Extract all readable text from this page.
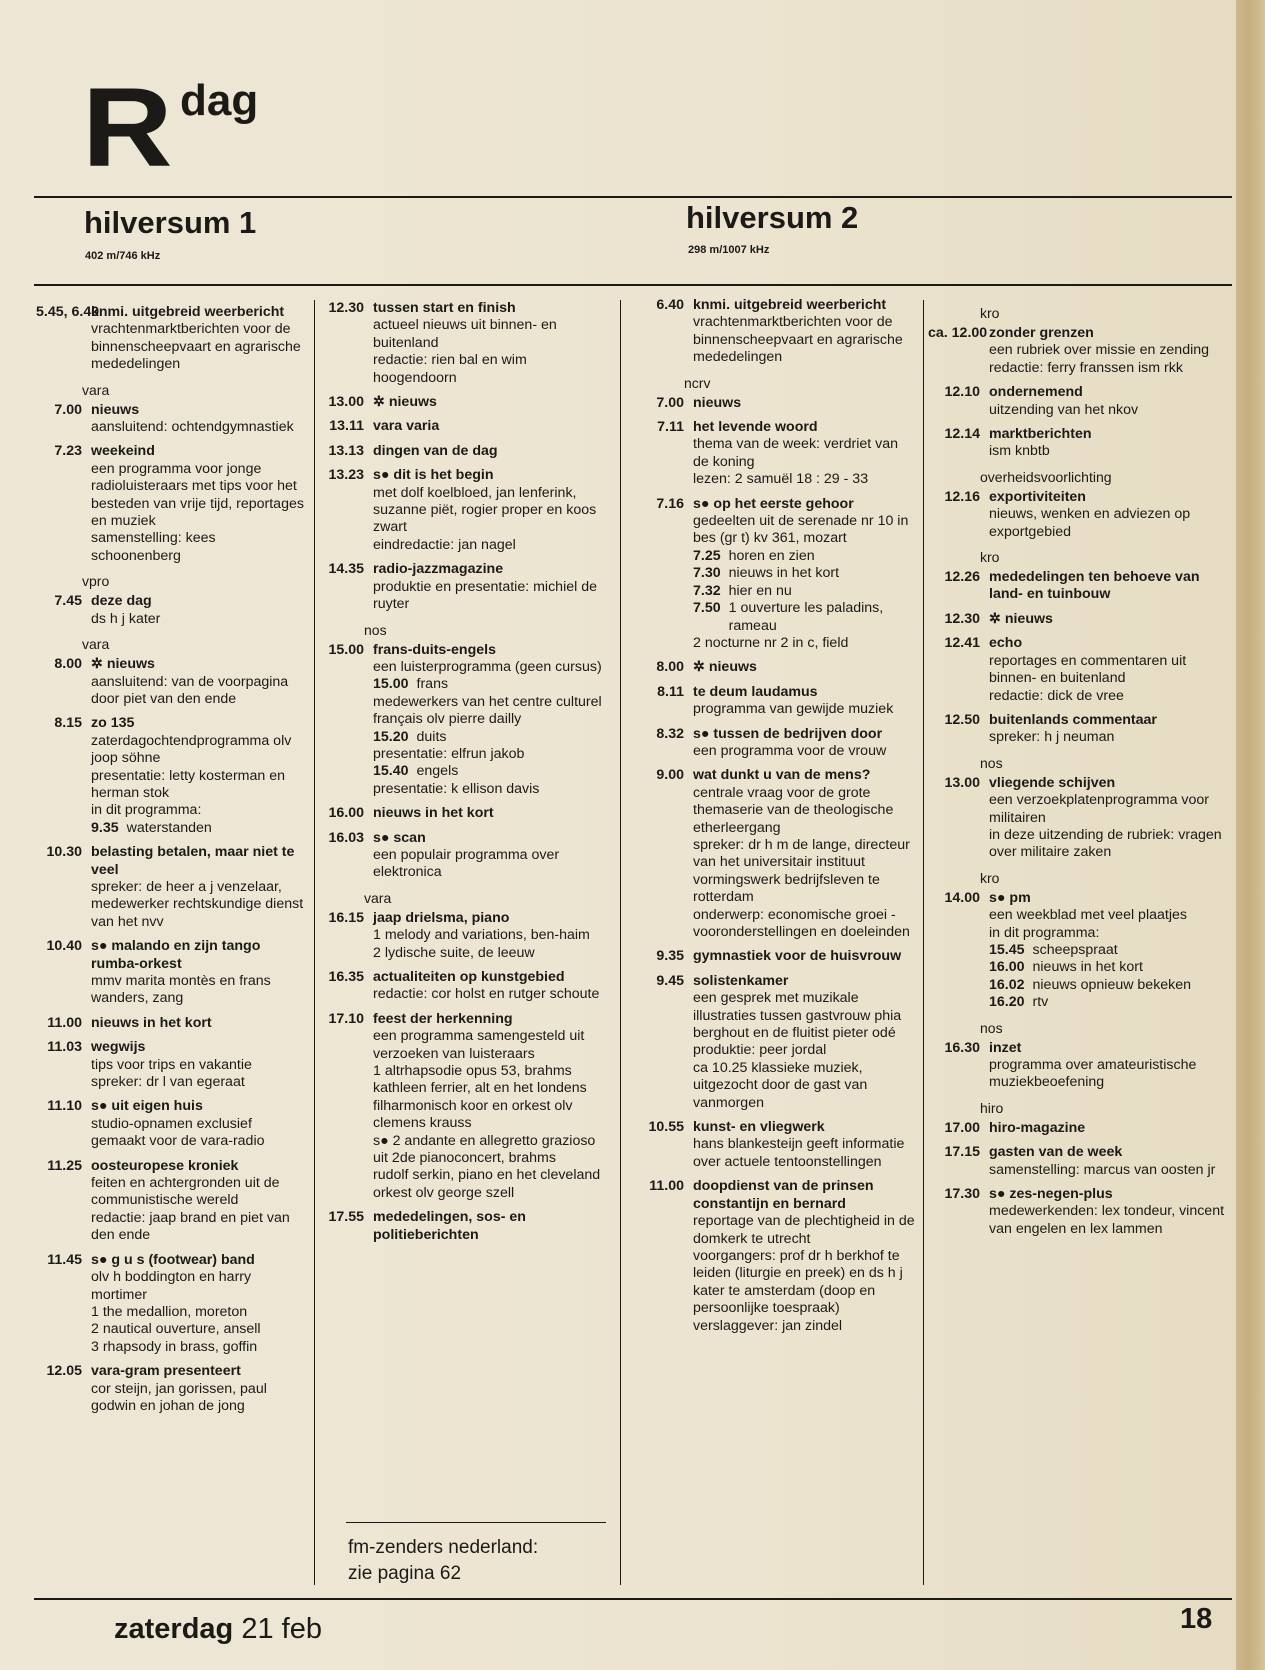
R dag
hilversum 1
402 m/746 kHz
hilversum 2
298 m/1007 kHz
5.45, 6.40
knmi. uitgebreid weerbericht
vrachtenmarktberichten voor de binnenscheepvaart en agrarische mededelingen
vara
7.00 nieuws
aansluitend: ochtendgymnastiek
7.23 weekeind
een programma voor jonge radioluisteraars met tips voor het besteden van vrije tijd, reportages en muziek
samenstelling: kees schoonenberg
vpro
7.45 deze dag
ds h j kater
vara
8.00 ✲ nieuws
aansluitend: van de voorpagina door piet van den ende
8.15 zo 135
zaterdagochtendprogramma olv joop söhne
presentatie: letty kosterman en herman stok
in dit programma:
9.35 waterstanden
10.30 belasting betalen, maar niet te veel
spreker: de heer a j venzelaar, medewerker rechtskundige dienst van het nvv
10.40 s● malando en zijn tango rumba-orkest
mmv marita montès en frans wanders, zang
11.00 nieuws in het kort
11.03 wegwijs
tips voor trips en vakantie
spreker: dr l van egeraat
11.10 s● uit eigen huis
studio-opnamen exclusief gemaakt voor de vara-radio
11.25 oosteuropese kroniek
feiten en achtergronden uit de communistische wereld
redactie: jaap brand en piet van den ende
11.45 s● g u s (footwear) band
olv h boddington en harry mortimer
1 the medallion, moreton
2 nautical ouverture, ansell
3 rhapsody in brass, goffin
12.05 vara-gram presenteert
cor steijn, jan gorissen, paul godwin en johan de jong
12.30 tussen start en finish
actueel nieuws uit binnen- en buitenland
redactie: rien bal en wim hoogendoorn
13.00 ✲ nieuws
13.11 vara varia
13.13 dingen van de dag
13.23 s● dit is het begin
met dolf koelbloed, jan lenferink, suzanne piët, rogier proper en koos zwart
eindredactie: jan nagel
14.35 radio-jazzmagazine
produktie en presentatie: michiel de ruyter
nos
15.00 frans-duits-engels
een luisterprogramma (geen cursus)
15.00 frans
medewerkers van het centre culturel français olv pierre dailly
15.20 duits
presentatie: elfrun jakob
15.40 engels
presentatie: k ellison davis
16.00 nieuws in het kort
16.03 s● scan
een populair programma over elektronica
vara
16.15 jaap drielsma, piano
1 melody and variations, ben-haim
2 lydische suite, de leeuw
16.35 actualiteiten op kunstgebied
redactie: cor holst en rutger schoute
17.10 feest der herkenning
een programma samengesteld uit verzoeken van luisteraars
1 altrhapsodie opus 53, brahms
kathleen ferrier, alt en het londens filharmonisch koor en orkest olv clemens krauss
s● 2 andante en allegretto grazioso uit 2de pianoconcert, brahms
rudolf serkin, piano en het cleveland orkest olv george szell
17.55 mededelingen, sos- en politieberichten
6.40 knmi. uitgebreid weerbericht
vrachtenmarktberichten voor de binnenscheepvaart en agrarische mededelingen
ncrv
7.00 nieuws
7.11 het levende woord
thema van de week: verdriet van de koning
lezen: 2 samuël 18 : 29 - 33
7.16 s● op het eerste gehoor
gedeelten uit de serenade nr 10 in bes (gr t) kv 361, mozart
7.25 horen en zien
7.30 nieuws in het kort
7.32 hier en nu
7.50 1 ouverture les paladins, rameau
2 nocturne nr 2 in c, field
8.00 ✲ nieuws
8.11 te deum laudamus
programma van gewijde muziek
8.32 s● tussen de bedrijven door
een programma voor de vrouw
9.00 wat dunkt u van de mens?
centrale vraag voor de grote themaserie van de theologische etherleergang
spreker: dr h m de lange, directeur van het universitair instituut vormingswerk bedrijfsleven te rotterdam
onderwerp: economische groei - vooronderstellingen en doeleinden
9.35 gymnastiek voor de huisvrouw
9.45 solistenkamer
een gesprek met muzikale illustraties tussen gastvrouw phia berghout en de fluitist pieter odé
produktie: peer jordal
ca 10.25 klassieke muziek, uitgezocht door de gast van vanmorgen
10.55 kunst- en vliegwerk
hans blankesteijn geeft informatie over actuele tentoonstellingen
11.00 doopdienst van de prinsen constantijn en bernard
reportage van de plechtigheid in de domkerk te utrecht
voorgangers: prof dr h berkhof te leiden (liturgie en preek) en ds h j kater te amsterdam (doop en persoonlijke toespraak)
verslaggever: jan zindel
kro
ca. 12.00 zonder grenzen
een rubriek over missie en zending
redactie: ferry franssen ism rkk
12.10 ondernemend
uitzending van het nkov
12.14 marktberichten
ism knbtb
overheidsvoorlichting
12.16 exportiviteiten
nieuws, wenken en adviezen op exportgebied
kro
12.26 mededelingen ten behoeve van land- en tuinbouw
12.30 ✲ nieuws
12.41 echo
reportages en commentaren uit binnen- en buitenland
redactie: dick de vree
12.50 buitenlands commentaar
spreker: h j neuman
nos
13.00 vliegende schijven
een verzoekplatenprogramma voor militairen
in deze uitzending de rubriek: vragen over militaire zaken
kro
14.00 s● pm
een weekblad met veel plaatjes
in dit programma:
15.45 scheepspraat
16.00 nieuws in het kort
16.02 nieuws opnieuw bekeken
16.20 rtv
nos
16.30 inzet
programma over amateuristische muziekbeoefening
hiro
17.00 hiro-magazine
17.15 gasten van de week
samenstelling: marcus van oosten jr
17.30 s● zes-negen-plus
medewerkenden: lex tondeur, vincent van engelen en lex lammen
fm-zenders nederland:
zie pagina 62
zaterdag 21 feb	18
